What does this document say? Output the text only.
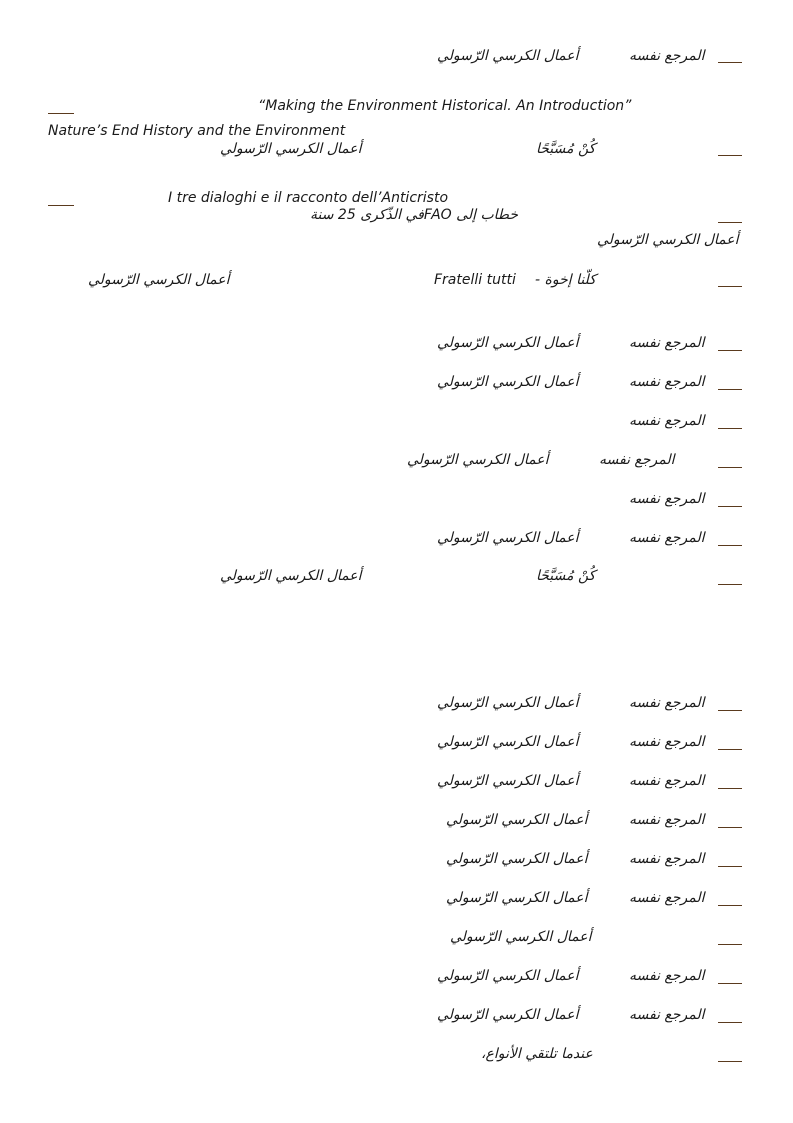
المرجع نفسه
أعمال الكرسي الرّسولي
“Making the Environment Historical. An Introduction”
Nature’s End History and the Environment
كُنْ مُسَبَّحًا
أعمال الكرسي الرّسولي
I tre dialoghi e il racconto dell’Anticristo
خطاب إلى FAOفي الذّكرى 25 سنة
أعمال الكرسي الرّسولي
كلّنا إخوة -
Fratelli tutti
أعمال الكرسي الرّسولي
المرجع نفسه
أعمال الكرسي الرّسولي
المرجع نفسه
أعمال الكرسي الرّسولي
المرجع نفسه
المرجع نفسه
أعمال الكرسي الرّسولي
المرجع نفسه
المرجع نفسه
أعمال الكرسي الرّسولي
كُنْ مُسَبَّحًا
أعمال الكرسي الرّسولي
المرجع نفسه
أعمال الكرسي الرّسولي
المرجع نفسه
أعمال الكرسي الرّسولي
المرجع نفسه
أعمال الكرسي الرّسولي
المرجع نفسه
أعمال الكرسي الرّسولي
المرجع نفسه
أعمال الكرسي الرّسولي
المرجع نفسه
أعمال الكرسي الرّسولي
أعمال الكرسي الرّسولي
المرجع نفسه
أعمال الكرسي الرّسولي
المرجع نفسه
أعمال الكرسي الرّسولي
عندما تلتقي الأنواع،
